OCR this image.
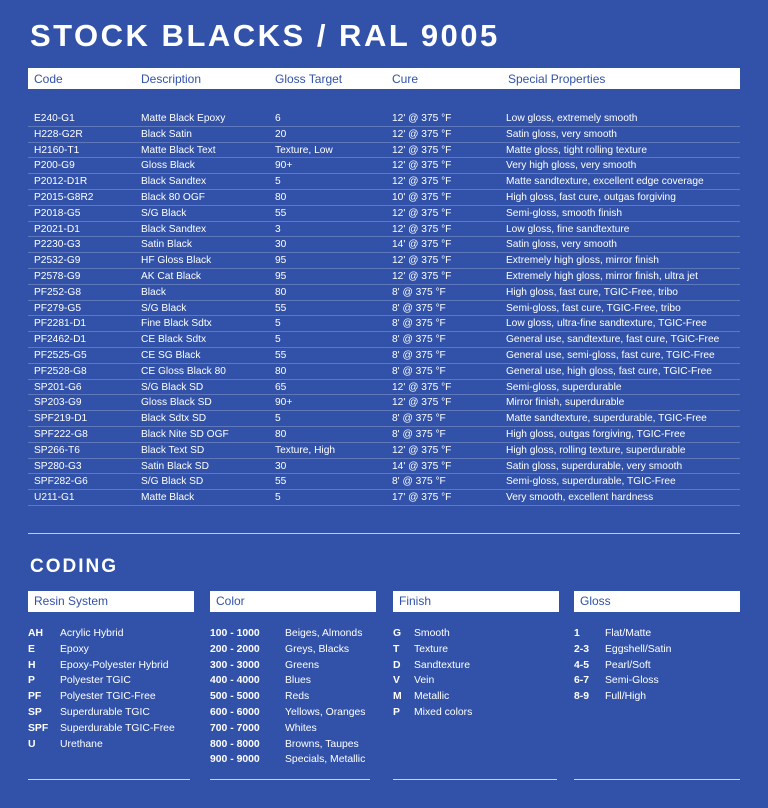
STOCK BLACKS / RAL 9005
Code	Description	Gloss Target	Cure	Special Properties
E240-G1	Matte Black Epoxy	6	12' @ 375 °F	Low gloss, extremely smooth
H228-G2R	Black Satin	20	12' @ 375 °F	Satin gloss, very smooth
H2160-T1	Matte Black Text	Texture, Low	12' @ 375 °F	Matte gloss, tight rolling texture
P200-G9	Gloss Black	90+	12' @ 375 °F	Very high gloss, very smooth
P2012-D1R	Black Sandtex	5	12' @ 375 °F	Matte sandtexture, excellent edge coverage
P2015-G8R2	Black 80 OGF	80	10' @ 375 °F	High gloss, fast cure, outgas forgiving
P2018-G5	S/G Black	55	12' @ 375 °F	Semi-gloss, smooth finish
P2021-D1	Black Sandtex	3	12' @ 375 °F	Low gloss, fine sandtexture
P2230-G3	Satin Black	30	14' @ 375 °F	Satin gloss, very smooth
P2532-G9	HF Gloss Black	95	12' @ 375 °F	Extremely high gloss, mirror finish
P2578-G9	AK Cat Black	95	12' @ 375 °F	Extremely high gloss, mirror finish, ultra jet
PF252-G8	Black	80	8' @ 375 °F	High gloss, fast cure, TGIC-Free, tribo
PF279-G5	S/G Black	55	8' @ 375 °F	Semi-gloss, fast cure, TGIC-Free, tribo
PF2281-D1	Fine Black Sdtx	5	8' @ 375 °F	Low gloss, ultra-fine sandtexture, TGIC-Free
PF2462-D1	CE Black Sdtx	5	8' @ 375 °F	General use, sandtexture, fast cure, TGIC-Free
PF2525-G5	CE SG Black	55	8' @ 375 °F	General use, semi-gloss, fast cure, TGIC-Free
PF2528-G8	CE Gloss Black 80	80	8' @ 375 °F	General use, high gloss, fast cure, TGIC-Free
SP201-G6	S/G Black SD	65	12' @ 375 °F	Semi-gloss, superdurable
SP203-G9	Gloss Black SD	90+	12' @ 375 °F	Mirror finish, superdurable
SPF219-D1	Black Sdtx SD	5	8' @ 375 °F	Matte sandtexture, superdurable, TGIC-Free
SPF222-G8	Black Nite SD OGF	80	8' @ 375 °F	High gloss, outgas forgiving, TGIC-Free
SP266-T6	Black Text SD	Texture, High	12' @ 375 °F	High gloss, rolling texture, superdurable
SP280-G3	Satin Black SD	30	14' @ 375 °F	Satin gloss, superdurable, very smooth
SPF282-G6	S/G Black SD	55	8' @ 375 °F	Semi-gloss, superdurable, TGIC-Free
U211-G1	Matte Black	5	17' @ 375 °F	Very smooth, excellent hardness
CODING
Resin System
AH Acrylic Hybrid
E Epoxy
H Epoxy-Polyester Hybrid
P Polyester TGIC
PF Polyester TGIC-Free
SP Superdurable TGIC
SPF Superdurable TGIC-Free
U Urethane
Color
100 - 1000 Beiges, Almonds
200 - 2000 Greys, Blacks
300 - 3000 Greens
400 - 4000 Blues
500 - 5000 Reds
600 - 6000 Yellows, Oranges
700 - 7000 Whites
800 - 8000 Browns, Taupes
900 - 9000 Specials, Metallic
Finish
G Smooth
T Texture
D Sandtexture
V Vein
M Metallic
P Mixed colors
Gloss
1 Flat/Matte
2-3 Eggshell/Satin
4-5 Pearl/Soft
6-7 Semi-Gloss
8-9 Full/High
